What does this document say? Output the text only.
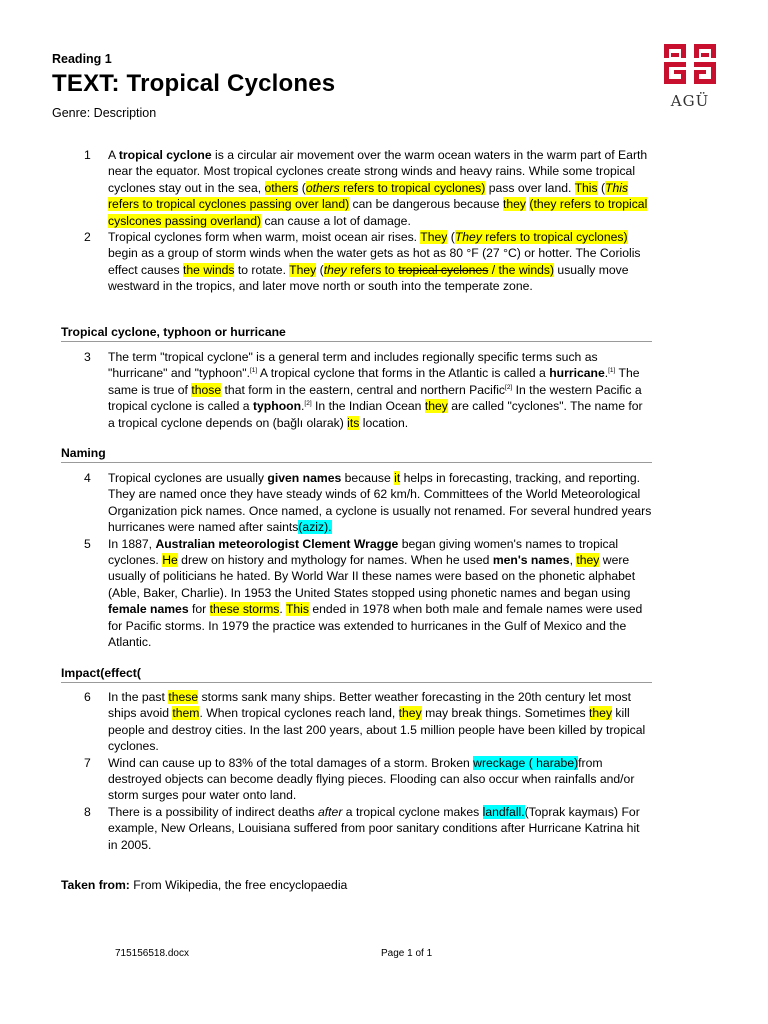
Reading 1
TEXT: Tropical Cyclones
Genre: Description
AGÜ
1 A tropical cyclone is a circular air movement over the warm ocean waters in the warm part of Earth near the equator. Most tropical cyclones create strong winds and heavy rains. While some tropical cyclones stay out in the sea, others (others refers to tropical cyclones) pass over land. This (This refers to tropical cyclones passing over land) can be dangerous because they (they refers to tropical cyslcones passing overland) can cause a lot of damage.
2 Tropical cyclones form when warm, moist ocean air rises. They (They refers to tropical cyclones) begin as a group of storm winds when the water gets as hot as 80 °F (27 °C) or hotter. The Coriolis effect causes the winds to rotate. They (they refers to tropical cyclones / the winds) usually move westward in the tropics, and later move north or south into the temperate zone.
Tropical cyclone, typhoon or hurricane
3 The term "tropical cyclone" is a general term and includes regionally specific terms such as "hurricane" and "typhoon".[1] A tropical cyclone that forms in the Atlantic is called a hurricane.[1] The same is true of those that form in the eastern, central and northern Pacific[2] In the western Pacific a tropical cyclone is called a typhoon.[2] In the Indian Ocean they are called "cyclones". The name for a tropical cyclone depends on (bağlı olarak) its location.
Naming
4 Tropical cyclones are usually given names because it helps in forecasting, tracking, and reporting. They are named once they have steady winds of 62 km/h. Committees of the World Meteorological Organization pick names. Once named, a cyclone is usually not renamed. For several hundred years hurricanes were named after saints(aziz).
5 In 1887, Australian meteorologist Clement Wragge began giving women's names to tropical cyclones. He drew on history and mythology for names. When he used men's names, they were usually of politicians he hated. By World War II these names were based on the phonetic alphabet (Able, Baker, Charlie). In 1953 the United States stopped using phonetic names and began using female names for these storms. This ended in 1978 when both male and female names were used for Pacific storms. In 1979 the practice was extended to hurricanes in the Gulf of Mexico and the Atlantic.
Impact(effect(
6 In the past these storms sank many ships. Better weather forecasting in the 20th century let most ships avoid them. When tropical cyclones reach land, they may break things. Sometimes they kill people and destroy cities. In the last 200 years, about 1.5 million people have been killed by tropical cyclones.
7 Wind can cause up to 83% of the total damages of a storm. Broken wreckage ( harabe)from destroyed objects can become deadly flying pieces. Flooding can also occur when rainfalls and/or storm surges pour water onto land.
8 There is a possibility of indirect deaths after a tropical cyclone makes landfall.(Toprak kaymaıs) For example, New Orleans, Louisiana suffered from poor sanitary conditions after Hurricane Katrina hit in 2005.
Taken from: From Wikipedia, the free encyclopaedia
715156518.docx	Page 1 of 1
